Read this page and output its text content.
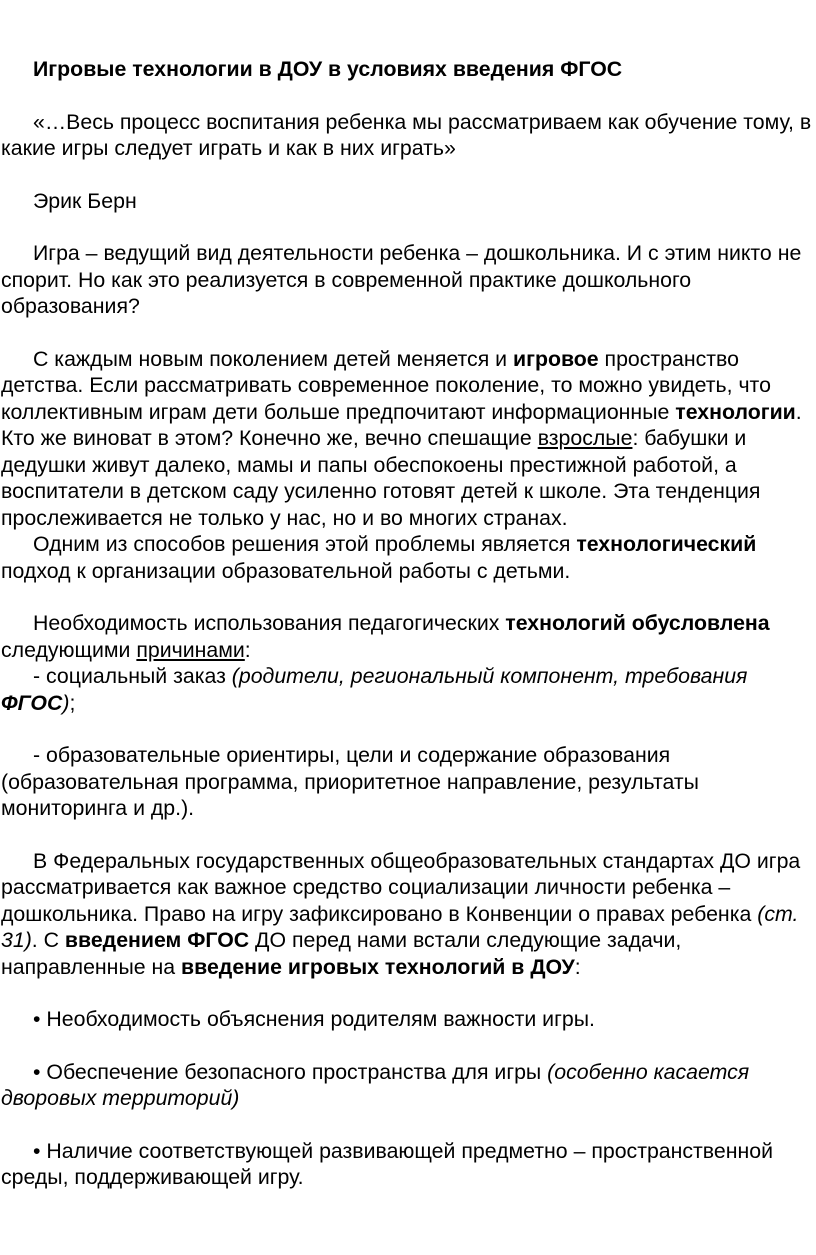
Игровые технологии в ДОУ в условиях введения ФГОС

«…Весь процесс воспитания ребенка мы рассматриваем как обучение тому, в какие игры следует играть и как в них играть»

Эрик Берн

Игра – ведущий вид деятельности ребенка – дошкольника. И с этим никто не спорит. Но как это реализуется в современной практике дошкольного образования?

С каждым новым поколением детей меняется и игровое пространство детства. Если рассматривать современное поколение, то можно увидеть, что коллективным играм дети больше предпочитают информационные технологии. Кто же виноват в этом? Конечно же, вечно спешащие взрослые: бабушки и дедушки живут далеко, мамы и папы обеспокоены престижной работой, а воспитатели в детском саду усиленно готовят детей к школе. Эта тенденция прослеживается не только у нас, но и во многих странах.

Одним из способов решения этой проблемы является технологический подход к организации образовательной работы с детьми.

Необходимость использования педагогических технологий обусловлена следующими причинами:

- социальный заказ (родители, региональный компонент, требования ФГОС);

- образовательные ориентиры, цели и содержание образования (образовательная программа, приоритетное направление, результаты мониторинга и др.).

В Федеральных государственных общеобразовательных стандартах ДО игра рассматривается как важное средство социализации личности ребенка – дошкольника. Право на игру зафиксировано в Конвенции о правах ребенка (ст. 31). С введением ФГОС ДО перед нами встали следующие задачи, направленные на введение игровых технологий в ДОУ:

• Необходимость объяснения родителям важности игры.

• Обеспечение безопасного пространства для игры (особенно касается дворовых территорий)

• Наличие соответствующей развивающей предметно – пространственной среды, поддерживающей игру.
